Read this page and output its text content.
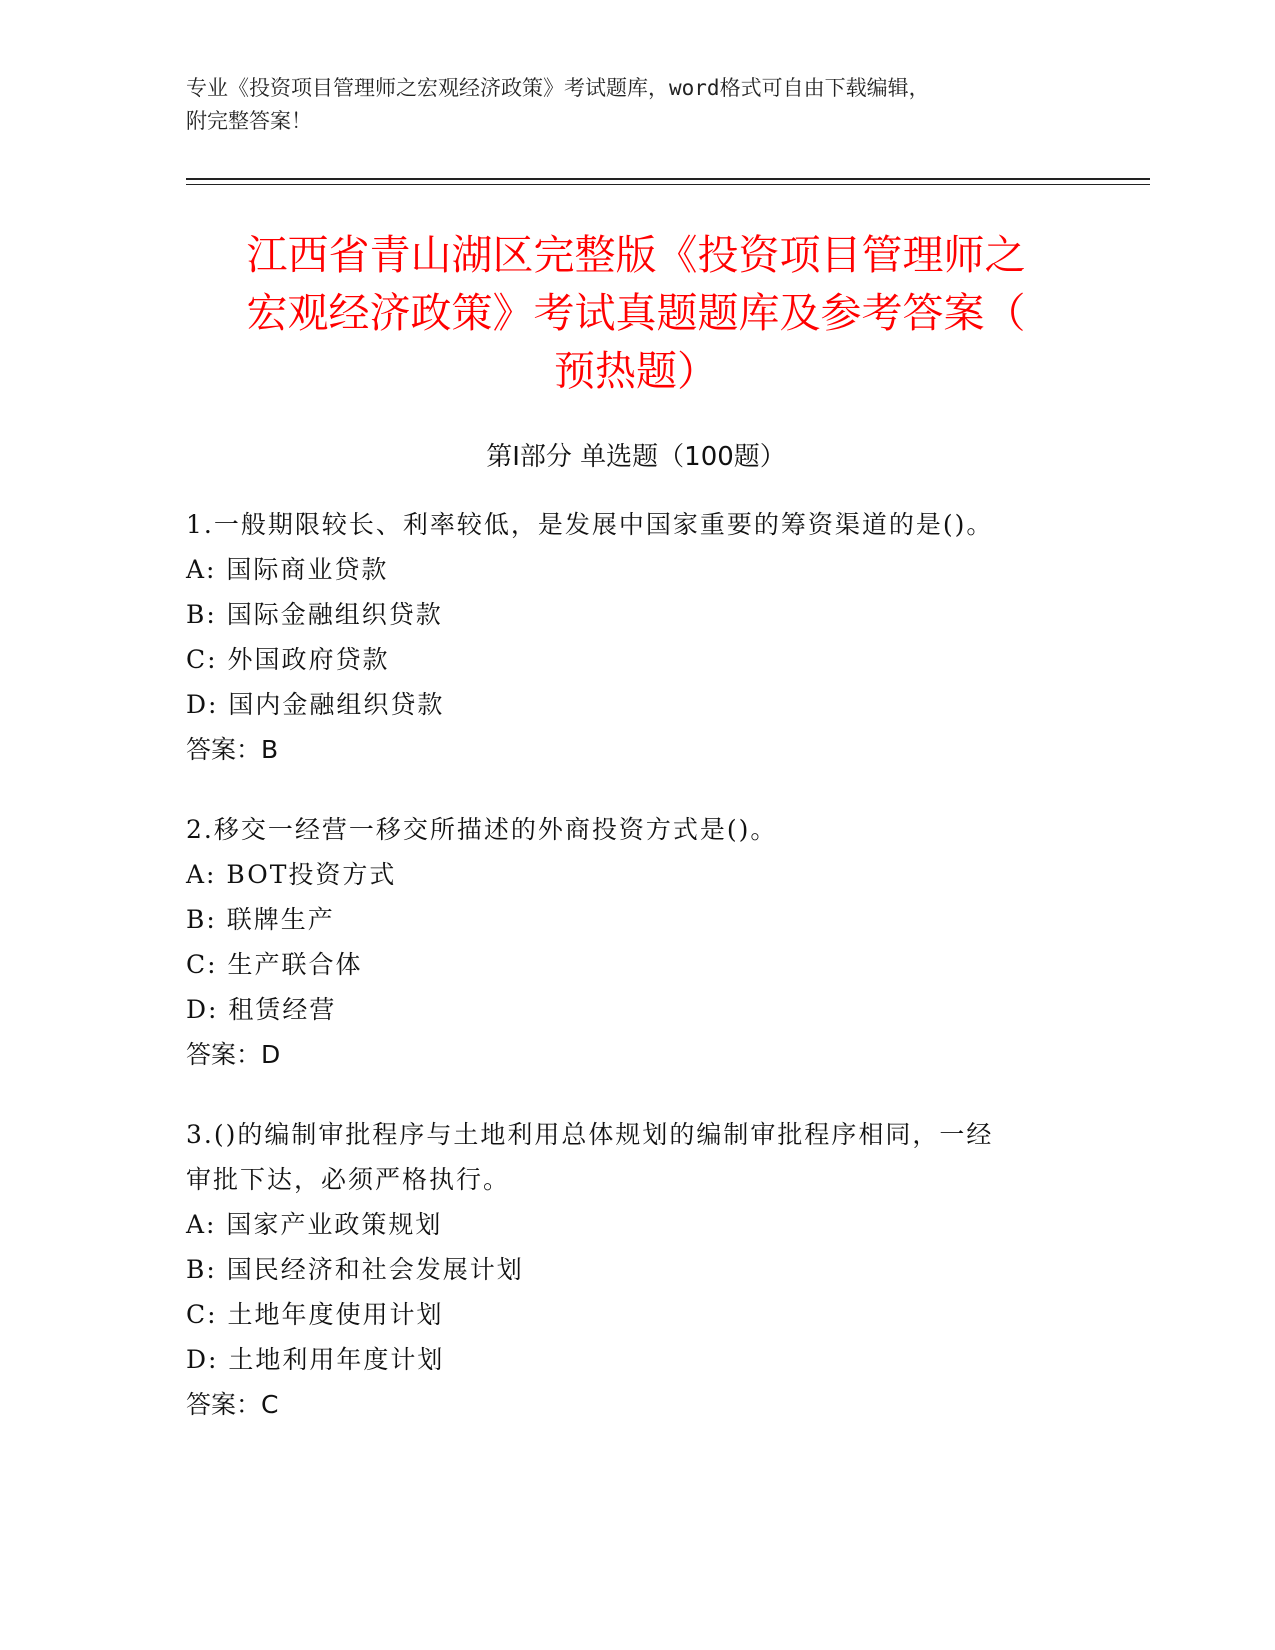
专业《投资项目管理师之宏观经济政策》考试题库，word格式可自由下载编辑，
附完整答案！
江西省青山湖区完整版《投资项目管理师之
宏观经济政策》考试真题题库及参考答案（
预热题）
第Ⅰ部分 单选题（100题）
1.一般期限较长、利率较低，是发展中国家重要的筹资渠道的是()。
A: 国际商业贷款
B: 国际金融组织贷款
C: 外国政府贷款
D: 国内金融组织贷款
答案：B
2.移交一经营一移交所描述的外商投资方式是()。
A: BOT投资方式
B: 联牌生产
C: 生产联合体
D: 租赁经营
答案：D
3.()的编制审批程序与土地利用总体规划的编制审批程序相同，一经
审批下达，必须严格执行。
A: 国家产业政策规划
B: 国民经济和社会发展计划
C: 土地年度使用计划
D: 土地利用年度计划
答案：C
